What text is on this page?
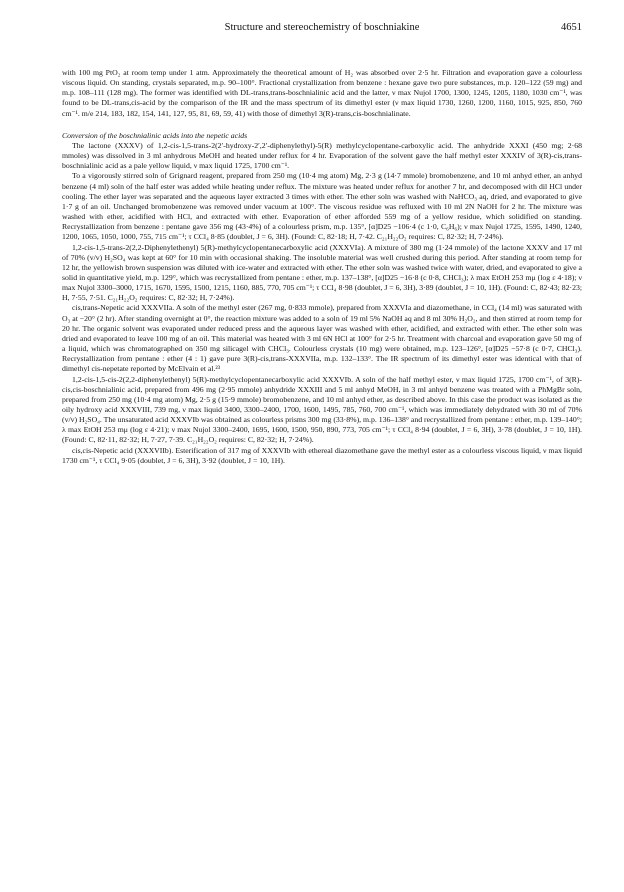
Structure and stereochemistry of boschniakine	4651

with 100 mg PtO₂ at room temp under 1 atm. Approximately the theoretical amount of H₂ was absorbed over 2·5 hr. Filtration and evaporation gave a colourless viscous liquid. On standing, crystals separated, m.p. 90–100°. Fractional crystallization from benzene : hexane gave two pure substances, m.p. 120–122 (59 mg) and m.p. 108–111 (128 mg). The former was identified with DL-trans,trans-boschnialinic acid and the latter, ν max Nujol 1700, 1300, 1245, 1205, 1180, 1030 cm⁻¹, was found to be DL-trans,cis-acid by the comparison of the IR and the mass spectrum of its dimethyl ester (ν max liquid 1730, 1260, 1200, 1160, 1015, 925, 850, 760 cm⁻¹. m/e 214, 183, 182, 154, 141, 127, 95, 81, 69, 59, 41) with those of dimethyl 3(R)-trans,cis-boschnialinate.

Conversion of the boschnialinic acids into the nepetic acids

The lactone (XXXV) of 1,2-cis-1,5-trans-2(2′-hydroxy-2′,2′-diphenylethyl)-5(R) methylcyclopentane-carboxylic acid. The anhydride XXXI (450 mg; 2·68 mmoles) was dissolved in 3 ml anhydrous MeOH and heated under reflux for 4 hr. Evaporation of the solvent gave the half methyl ester XXXIV of 3(R)-cis,trans-boschnialinic acid as a pale yellow liquid, ν max liquid 1725, 1700 cm⁻¹.

To a vigorously stirred soln of Grignard reagent, prepared from 250 mg (10·4 mg atom) Mg, 2·3 g (14·7 mmole) bromobenzene, and 10 ml anhyd ether, an anhyd benzene (4 ml) soln of the half ester was added while heating under reflux. The mixture was heated under reflux for another 7 hr, and decomposed with dil HCl under cooling. The ether layer was separated and the aqueous layer extracted 3 times with ether. The ether soln was washed with NaHCO₃ aq, dried, and evaporated to give 1·7 g of an oil. Unchanged bromobenzene was removed under vacuum at 100°. The viscous residue was refluxed with 10 ml 2N NaOH for 2 hr. The mixture was washed with ether, acidified with HCl, and extracted with ether. Evaporation of ether afforded 559 mg of a yellow residue, which solidified on standing. Recrystallization from benzene : pentane gave 356 mg (43·4%) of a colourless prism, m.p. 135°, [α]D25 −106·4 (c 1·0, C₆H₆); ν max Nujol 1725, 1595, 1490, 1240, 1200, 1065, 1050, 1000, 755, 715 cm⁻¹; τ CCl₄ 8·85 (doublet, J = 6, 3H). (Found: C, 82·18; H, 7·42. C₂₁H₂₂O₂ requires: C, 82·32; H, 7·24%).

1,2-cis-1,5-trans-2(2,2-Diphenylethenyl) 5(R)-methylcyclopentanecarboxylic acid (XXXVIa). A mixture of 380 mg (1·24 mmole) of the lactone XXXV and 17 ml of 70% (v/v) H₂SO₄ was kept at 60° for 10 min with occasional shaking. The insoluble material was well crushed during this period. After standing at room temp for 12 hr, the yellowish brown suspension was diluted with ice-water and extracted with ether. The ether soln was washed twice with water, dried, and evaporated to give a solid in quantitative yield, m.p. 129°, which was recrystallized from pentane : ether, m.p. 137–138°, [α]D25 −16·8 (c 0·8, CHCl₃); λ max EtOH 253 mμ (log ε 4·18); ν max Nujol 3300–3000, 1715, 1670, 1595, 1500, 1215, 1160, 885, 770, 705 cm⁻¹; τ CCl₄ 8·98 (doublet, J = 6, 3H), 3·89 (doublet, J = 10, 1H). (Found: C, 82·43; 82·23; H, 7·55, 7·51. C₂₁H₂₂O₂ requires: C, 82·32; H, 7·24%).

cis,trans-Nepetic acid XXXVIIa. A soln of the methyl ester (267 mg, 0·833 mmole), prepared from XXXVIa and diazomethane, in CCl₄ (14 ml) was saturated with O₃ at −20° (2 hr). After standing overnight at 0°, the reaction mixture was added to a soln of 19 ml 5% NaOH aq and 8 ml 30% H₂O₂, and then stirred at room temp for 20 hr. The organic solvent was evaporated under reduced press and the aqueous layer was washed with ether, acidified, and extracted with ether. The ether soln was dried and evaporated to leave 100 mg of an oil. This material was heated with 3 ml 6N HCl at 100° for 2·5 hr. Treatment with charcoal and evaporation gave 50 mg of a liquid, which was chromatographed on 350 mg silicagel with CHCl₃. Colourless crystals (10 mg) were obtained, m.p. 123–126°, [α]D25 −57·8 (c 0·7, CHCl₃). Recrystallization from pentane : ether (4 : 1) gave pure 3(R)-cis,trans-XXXVIIa, m.p. 132–133°. The IR spectrum of its dimethyl ester was identical with that of dimethyl cis-nepetate reported by McElvain et al.²³

1,2-cis-1,5-cis-2(2,2-diphenylethenyl) 5(R)-methylcyclopentanecarboxylic acid XXXVIb. A soln of the half methyl ester, ν max liquid 1725, 1700 cm⁻¹, of 3(R)-cis,cis-boschnialinic acid, prepared from 496 mg (2·95 mmole) anhydride XXXIII and 5 ml anhyd MeOH, in 3 ml anhyd benzene was treated with a PhMgBr soln, prepared from 250 mg (10·4 mg atom) Mg, 2·5 g (15·9 mmole) bromobenzene, and 10 ml anhyd ether, as described above. In this case the product was isolated as the oily hydroxy acid XXXVIII, 739 mg, ν max liquid 3400, 3300–2400, 1700, 1600, 1495, 785, 760, 700 cm⁻¹, which was immediately dehydrated with 30 ml of 70% (v/v) H₂SO₄. The unsaturated acid XXXVIb was obtained as colourless prisms 300 mg (33·8%), m.p. 136–138° and recrystallized from pentane : ether, m.p. 139–140°; λ max EtOH 253 mμ (log ε 4·21); ν max Nujol 3300–2400, 1695, 1600, 1500, 950, 890, 773, 705 cm⁻¹; τ CCl₄ 8·94 (doublet, J = 6, 3H), 3·78 (doublet, J = 10, 1H). (Found: C, 82·11, 82·32; H, 7·27, 7·39. C₂₁H₂₂O₂ requires: C, 82·32; H, 7·24%).

cis,cis-Nepetic acid (XXXVIIb). Esterification of 317 mg of XXXVIb with ethereal diazomethane gave the methyl ester as a colourless viscous liquid, ν max liquid 1730 cm⁻¹, τ CCl₄ 9·05 (doublet, J = 6, 3H), 3·92 (doublet, J = 10, 1H).
